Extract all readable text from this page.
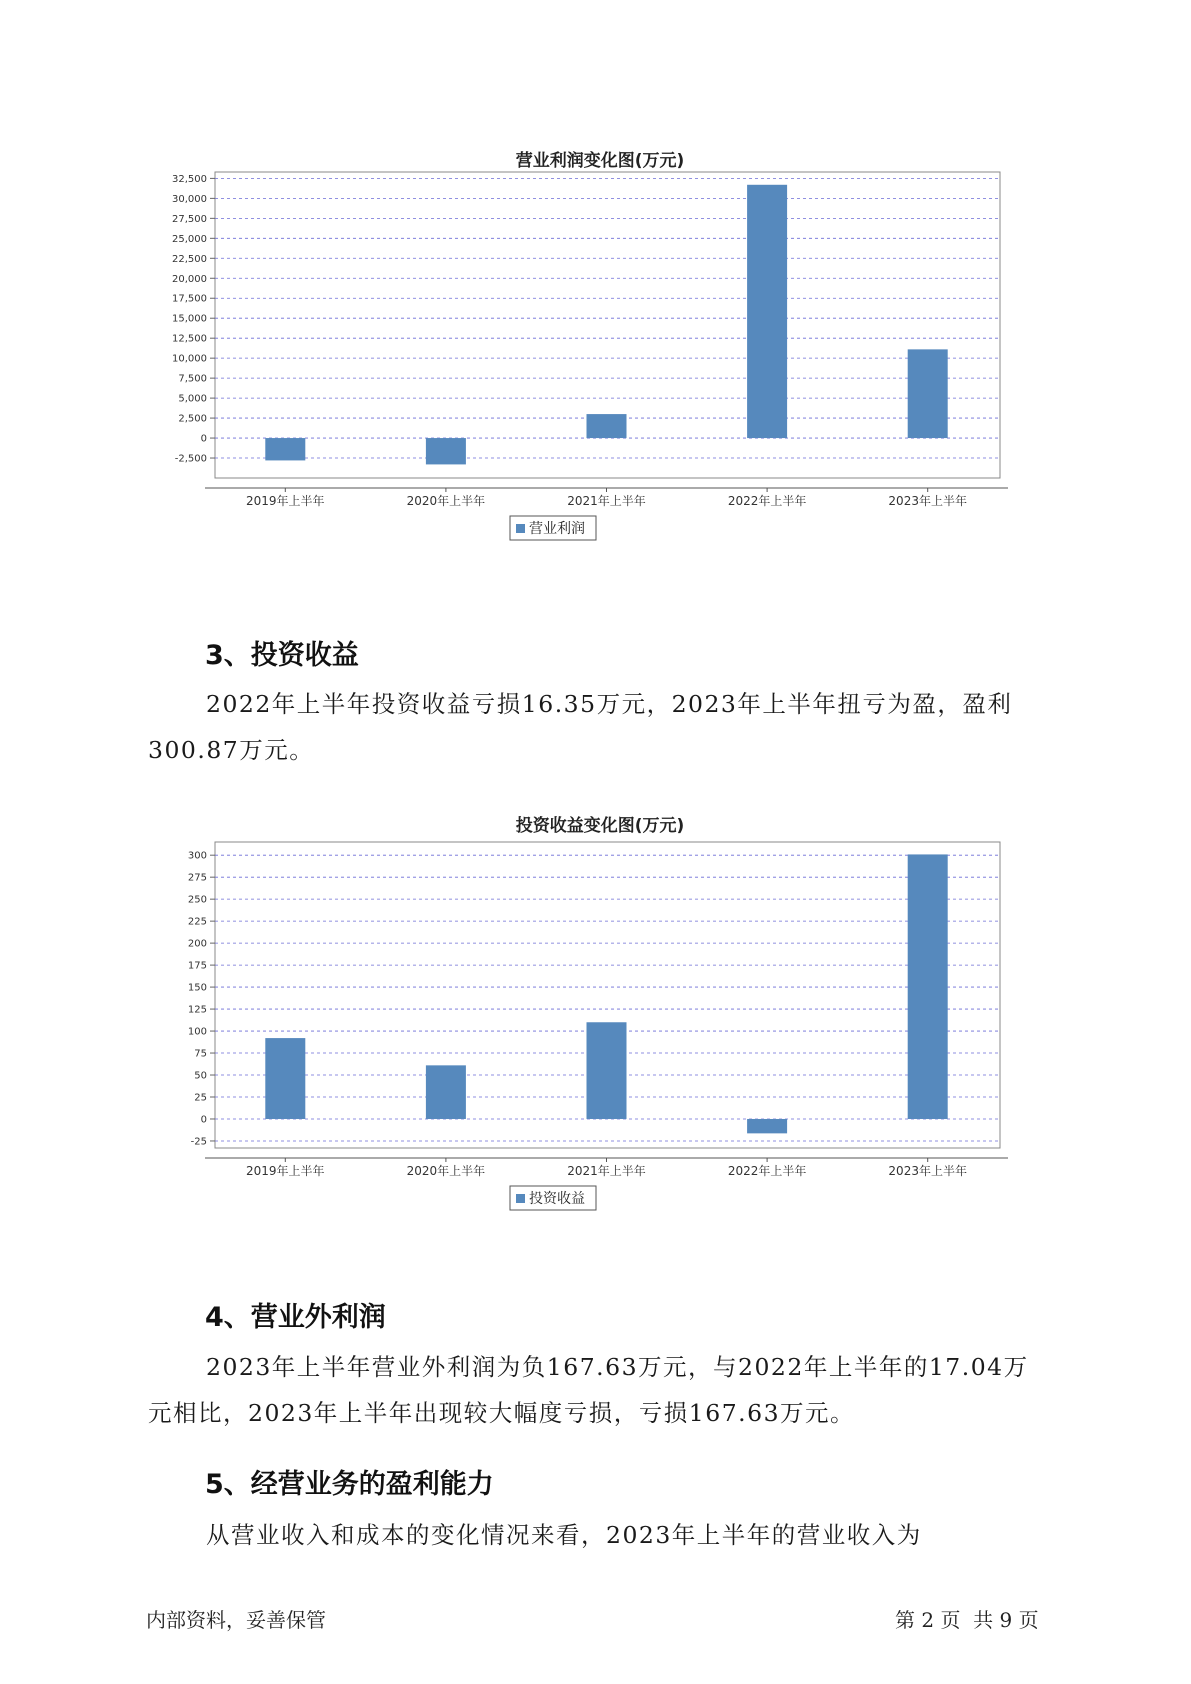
营业利润变化图(万元)
-2,500
0
2,500
5,000
7,500
10,000
12,500
15,000
17,500
20,000
22,500
25,000
27,500
30,000
32,500
2019年上半年	2020年上半年	2021年上半年	2022年上半年	2023年上半年
营业利润
3、投资收益
2022年上半年投资收益亏损16.35万元，2023年上半年扭亏为盈，盈利
300.87万元。
投资收益变化图(万元)
-25
0
25
50
75
100
125
150
175
200
225
250
275
300
2019年上半年	2020年上半年	2021年上半年	2022年上半年	2023年上半年
投资收益
4、营业外利润
2023年上半年营业外利润为负167.63万元，与2022年上半年的17.04万
元相比，2023年上半年出现较大幅度亏损，亏损167.63万元。
5、经营业务的盈利能力
从营业收入和成本的变化情况来看，2023年上半年的营业收入为
内部资料，妥善保管	第 2 页  共 9 页
